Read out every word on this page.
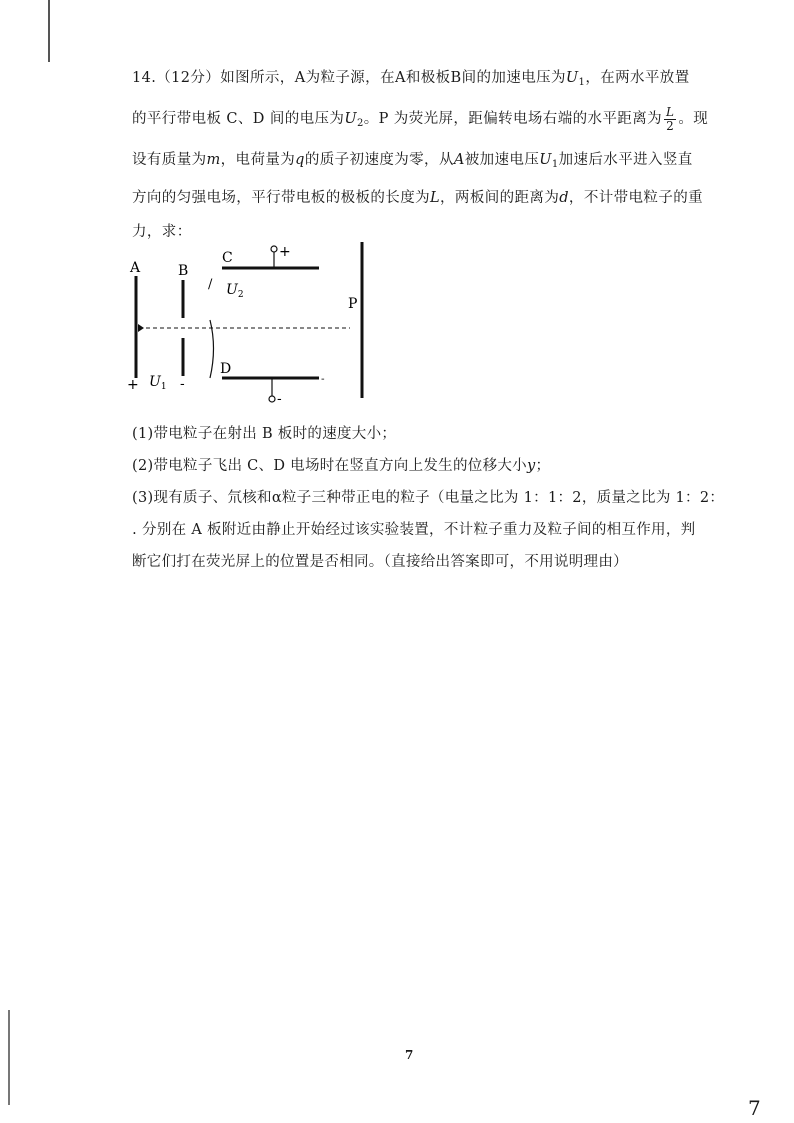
14.（12分）如图所示，A为粒子源，在A和极板B间的加速电压为$U_1$，在两水平放置
的平行带电板 C、D 间的电压为$U_2$。P 为荧光屏，距偏转电场右端的水平距离为 $\frac{L}{2}$ 。现
设有质量为m，电荷量为q的质子初速度为零，从A被加速电压$U_1$加速后水平进入竖直
方向的匀强电场，平行带电板的极板的长度为L，两板间的距离为d，不计带电粒子的重
力，求：
A
+
B
-
$U_1$
/
C	+
$U_2$
D
-
-
P
(1)带电粒子在射出 B 板时的速度大小；
(2)带电粒子飞出 C、D 电场时在竖直方向上发生的位移大小y；
(3)现有质子、氘核和α粒子三种带正电的粒子（电量之比为 1：1：2，质量之比为 1：2：
․ 分别在 A 板附近由静止开始经过该实验装置，不计粒子重力及粒子间的相互作用，判
断它们打在荧光屏上的位置是否相同。（直接给出答案即可，不用说明理由）
7
7
